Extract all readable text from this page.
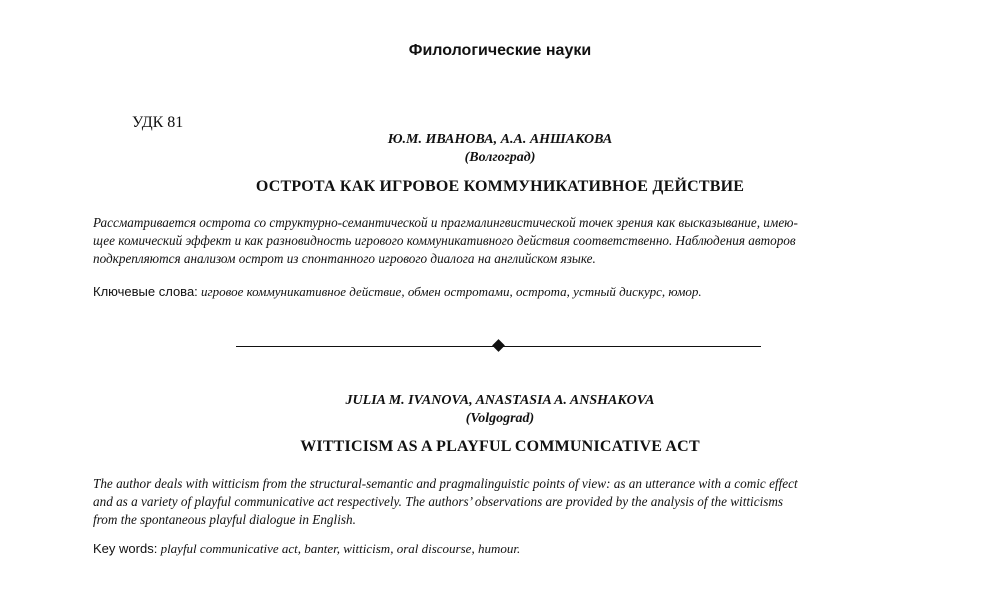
Филологические науки
УДК 81
Ю.М. ИВАНОВА, А.А. АНШАКОВА
(Волгоград)
ОСТРОТА КАК ИГРОВОЕ КОММУНИКАТИВНОЕ ДЕЙСТВИЕ
Рассматривается острота со структурно-семантической и прагмалингвистической точек зрения как высказывание, имею-
щее комический эффект и как разновидность игрового коммуникативного действия соответственно. Наблюдения авторов
подкрепляются анализом острот из спонтанного игрового диалога на английском языке.
Ключевые слова: игровое коммуникативное действие, обмен остротами, острота, устный дискурс, юмор.
JULIA M. IVANOVA, ANASTASIA A. ANSHAKOVA
(Volgograd)
WITTICISM AS A PLAYFUL COMMUNICATIVE ACT
The author deals with witticism from the structural-semantic and pragmalinguistic points of view: as an utterance with a comic effect
and as a variety of playful communicative act respectively. The authors’ observations are provided by the analysis of the witticisms
from the spontaneous playful dialogue in English.
Key words: playful communicative act, banter, witticism, oral discourse, humour.
